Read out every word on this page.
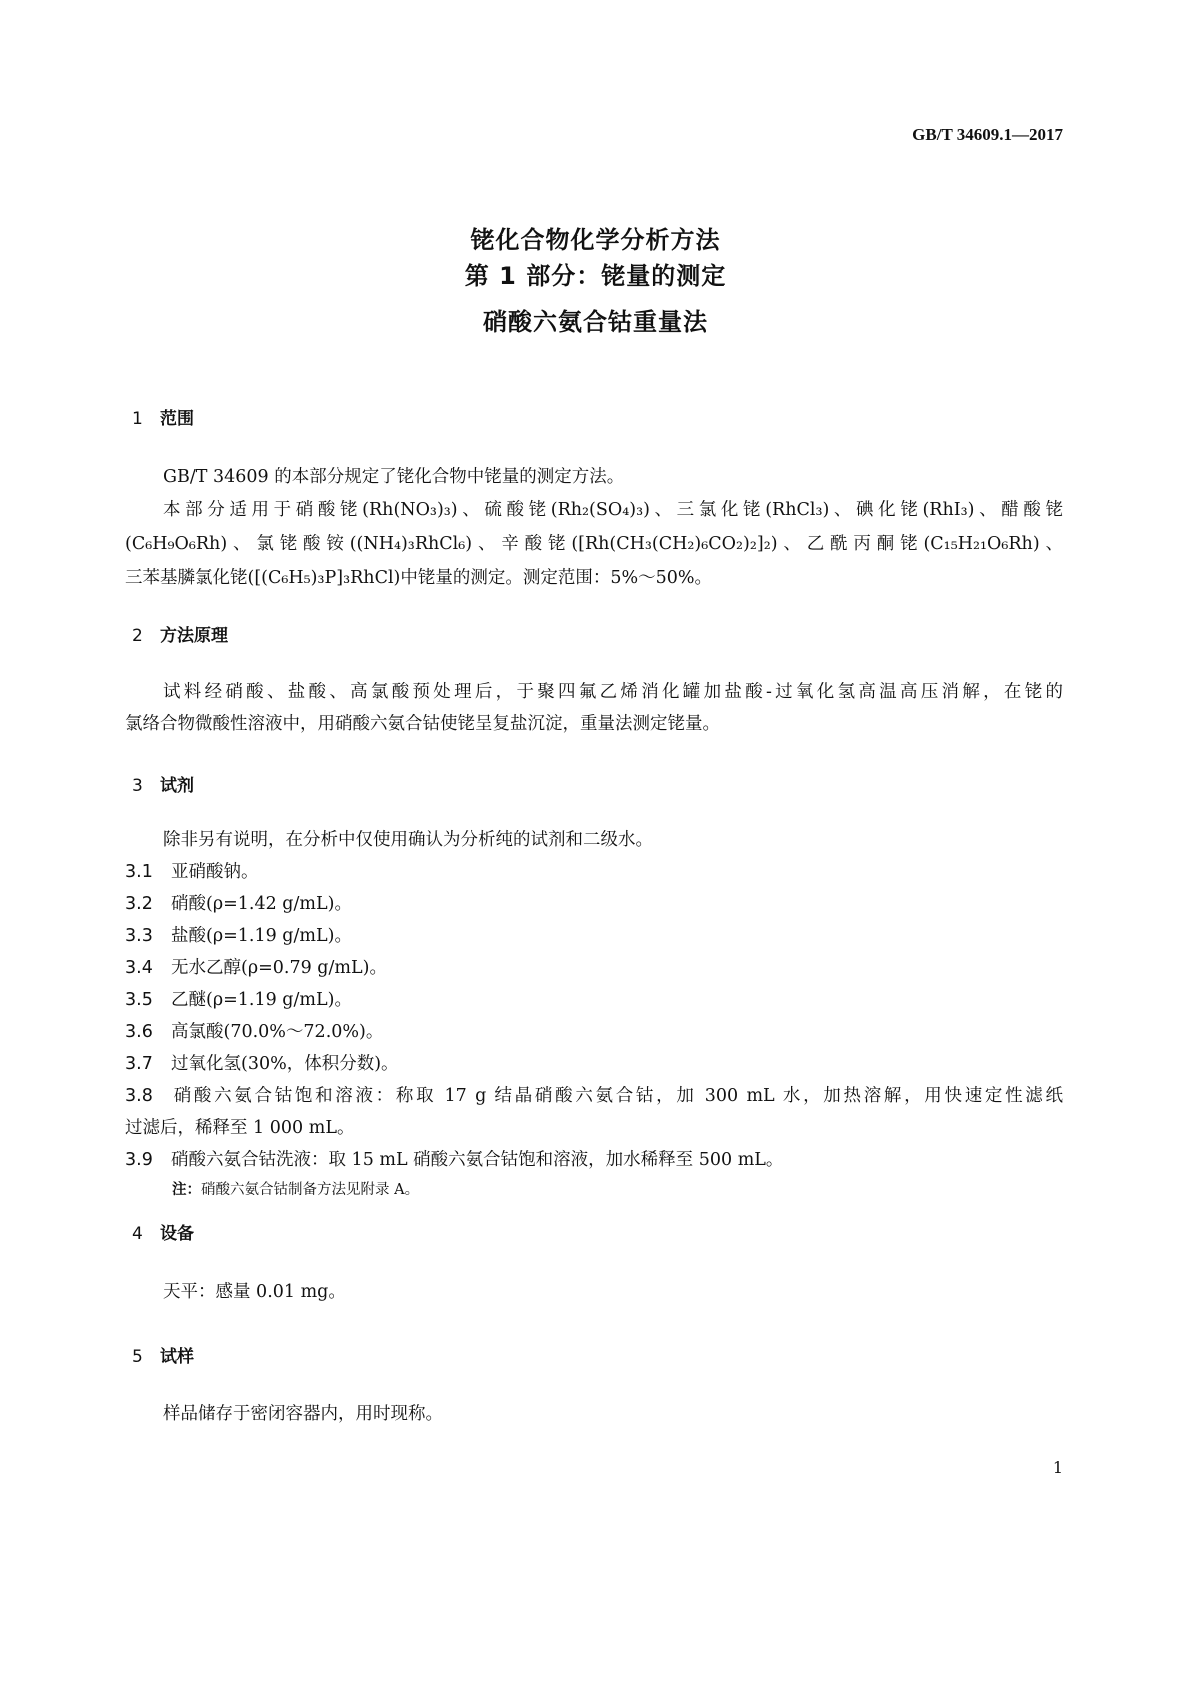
GB/T 34609.1—2017
铑化合物化学分析方法
第 1 部分：铑量的测定
硝酸六氨合钴重量法
1 范围
GB/T 34609 的本部分规定了铑化合物中铑量的测定方法。
本部分适用于硝酸铑(Rh(NO₃)₃)、硫酸铑(Rh₂(SO₄)₃)、三氯化铑(RhCl₃)、碘化铑(RhI₃)、醋酸铑
(C₆H₉O₆Rh)、氯铑酸铵((NH₄)₃RhCl₆)、辛酸铑([Rh(CH₃(CH₂)₆CO₂)₂]₂)、乙酰丙酮铑(C₁₅H₂₁O₆Rh)、
三苯基膦氯化铑([(C₆H₅)₃P]₃RhCl)中铑量的测定。测定范围：5%～50%。
2 方法原理
试料经硝酸、盐酸、高氯酸预处理后，于聚四氟乙烯消化罐加盐酸-过氧化氢高温高压消解，在铑的
氯络合物微酸性溶液中，用硝酸六氨合钴使铑呈复盐沉淀，重量法测定铑量。
3 试剂
除非另有说明，在分析中仅使用确认为分析纯的试剂和二级水。
3.1 亚硝酸钠。
3.2 硝酸(ρ=1.42 g/mL)。
3.3 盐酸(ρ=1.19 g/mL)。
3.4 无水乙醇(ρ=0.79 g/mL)。
3.5 乙醚(ρ=1.19 g/mL)。
3.6 高氯酸(70.0%～72.0%)。
3.7 过氧化氢(30%，体积分数)。
3.8 硝酸六氨合钴饱和溶液：称取 17 g 结晶硝酸六氨合钴，加 300 mL 水，加热溶解，用快速定性滤纸
过滤后，稀释至 1 000 mL。
3.9 硝酸六氨合钴洗液：取 15 mL 硝酸六氨合钴饱和溶液，加水稀释至 500 mL。
注：硝酸六氨合钴制备方法见附录 A。
4 设备
天平：感量 0.01 mg。
5 试样
样品储存于密闭容器内，用时现称。
1
